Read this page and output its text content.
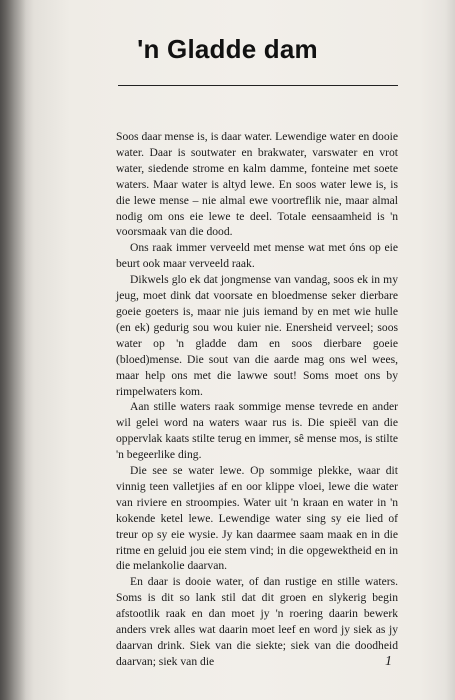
'n Gladde dam

Soos daar mense is, is daar water. Lewendige water en dooie water. Daar is soutwater en brakwater, varswater en vrot water, siedende strome en kalm damme, fonteine met soete waters. Maar water is altyd lewe. En soos water lewe is, is die lewe mense – nie almal ewe voortreflik nie, maar almal nodig om ons eie lewe te deel. Totale eensaamheid is 'n voorsmaak van die dood.

Ons raak immer verveeld met mense wat met óns op eie beurt ook maar verveeld raak.

Dikwels glo ek dat jongmense van vandag, soos ek in my jeug, moet dink dat voorsate en bloedmense seker dierbare goeie goeters is, maar nie juis iemand by en met wie hulle (en ek) gedurig sou wou kuier nie. Enersheid verveel; soos water op 'n gladde dam en soos dierbare goeie (bloed)mense. Die sout van die aarde mag ons wel wees, maar help ons met die lawwe sout! Soms moet ons by rimpelwaters kom.

Aan stille waters raak sommige mense tevrede en ander wil gelei word na waters waar rus is. Die spieël van die oppervlak kaats stilte terug en immer, sê mense mos, is stilte 'n begeerlike ding.

Die see se water lewe. Op sommige plekke, waar dit vinnig teen valletjies af en oor klippe vloei, lewe die water van riviere en stroompies. Water uit 'n kraan en water in 'n kokende ketel lewe. Lewendige water sing sy eie lied of treur op sy eie wysie. Jy kan daarmee saam maak en in die ritme en geluid jou eie stem vind; in die opgewektheid en in die melankolie daarvan.

En daar is dooie water, of dan rustige en stille waters. Soms is dit so lank stil dat dit groen en slykerig begin afstootlik raak en dan moet jy 'n roering daarin bewerk anders vrek alles wat daarin moet leef en word jy siek as jy daarvan drink. Siek van die siekte; siek van die doodheid daarvan; siek van die	1
